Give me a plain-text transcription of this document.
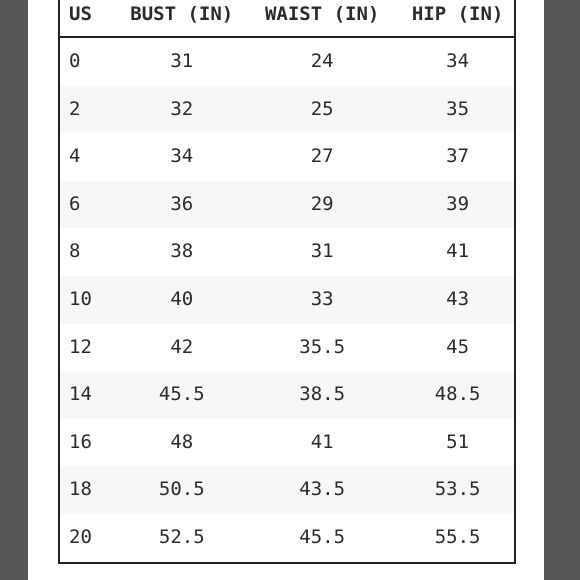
US	BUST (IN)	WAIST (IN)	HIP (IN)
0	31	24	34
2	32	25	35
4	34	27	37
6	36	29	39
8	38	31	41
10	40	33	43
12	42	35.5	45
14	45.5	38.5	48.5
16	48	41	51
18	50.5	43.5	53.5
20	52.5	45.5	55.5
